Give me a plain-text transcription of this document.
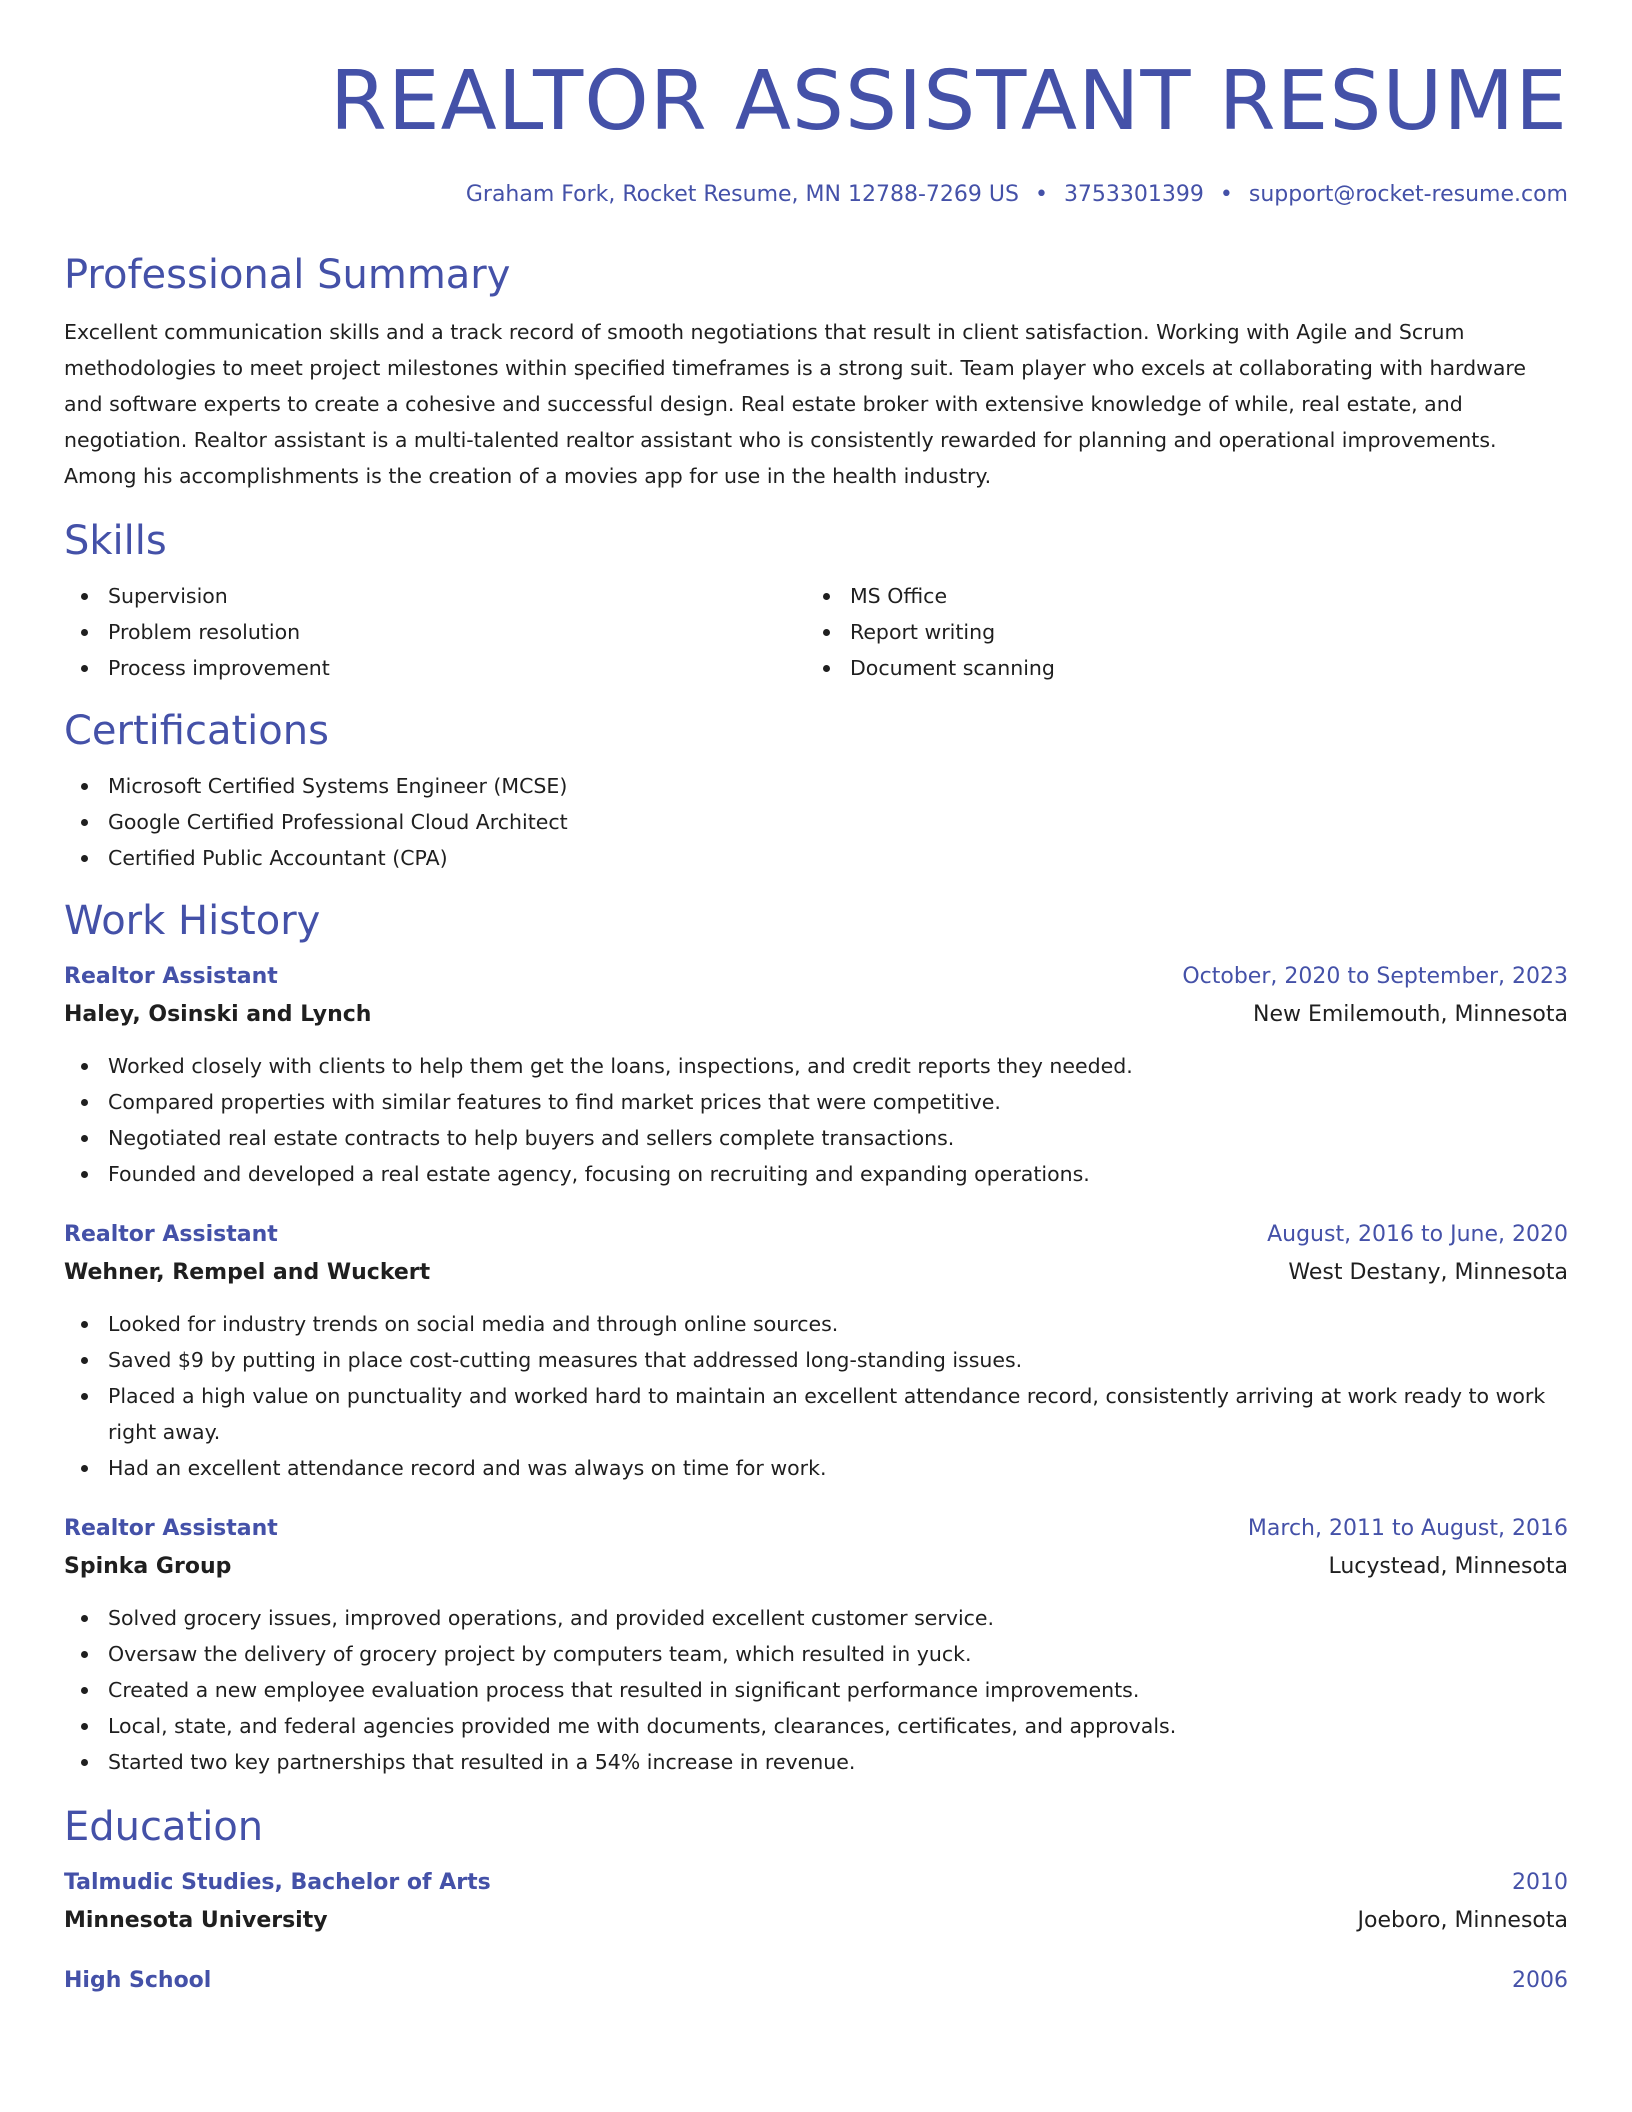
REALTOR ASSISTANT RESUME
Graham Fork, Rocket Resume, MN 12788-7269 US • 3753301399 • support@rocket-resume.com
Professional Summary

Excellent communication skills and a track record of smooth negotiations that result in client satisfaction. Working with Agile and Scrum methodologies to meet project milestones within specified timeframes is a strong suit. Team player who excels at collaborating with hardware and software experts to create a cohesive and successful design. Real estate broker with extensive knowledge of while, real estate, and negotiation. Realtor assistant is a multi-talented realtor assistant who is consistently rewarded for planning and operational improvements. Among his accomplishments is the creation of a movies app for use in the health industry.

Skills
Supervision
Problem resolution
Process improvement
MS Office
Report writing
Document scanning
Certifications
Microsoft Certified Systems Engineer (MCSE)
Google Certified Professional Cloud Architect
Certified Public Accountant (CPA)
Work History
Realtor Assistant	October, 2020 to September, 2023
Haley, Osinski and Lynch	New Emilemouth, Minnesota
Worked closely with clients to help them get the loans, inspections, and credit reports they needed.
Compared properties with similar features to find market prices that were competitive.
Negotiated real estate contracts to help buyers and sellers complete transactions.
Founded and developed a real estate agency, focusing on recruiting and expanding operations.
Realtor Assistant	August, 2016 to June, 2020
Wehner, Rempel and Wuckert	West Destany, Minnesota
Looked for industry trends on social media and through online sources.
Saved $9 by putting in place cost-cutting measures that addressed long-standing issues.
Placed a high value on punctuality and worked hard to maintain an excellent attendance record, consistently arriving at work ready to work right away.
Had an excellent attendance record and was always on time for work.
Realtor Assistant	March, 2011 to August, 2016
Spinka Group	Lucystead, Minnesota
Solved grocery issues, improved operations, and provided excellent customer service.
Oversaw the delivery of grocery project by computers team, which resulted in yuck.
Created a new employee evaluation process that resulted in significant performance improvements.
Local, state, and federal agencies provided me with documents, clearances, certificates, and approvals.
Started two key partnerships that resulted in a 54% increase in revenue.
Education
Talmudic Studies, Bachelor of Arts	2010
Minnesota University	Joeboro, Minnesota
High School	2006
